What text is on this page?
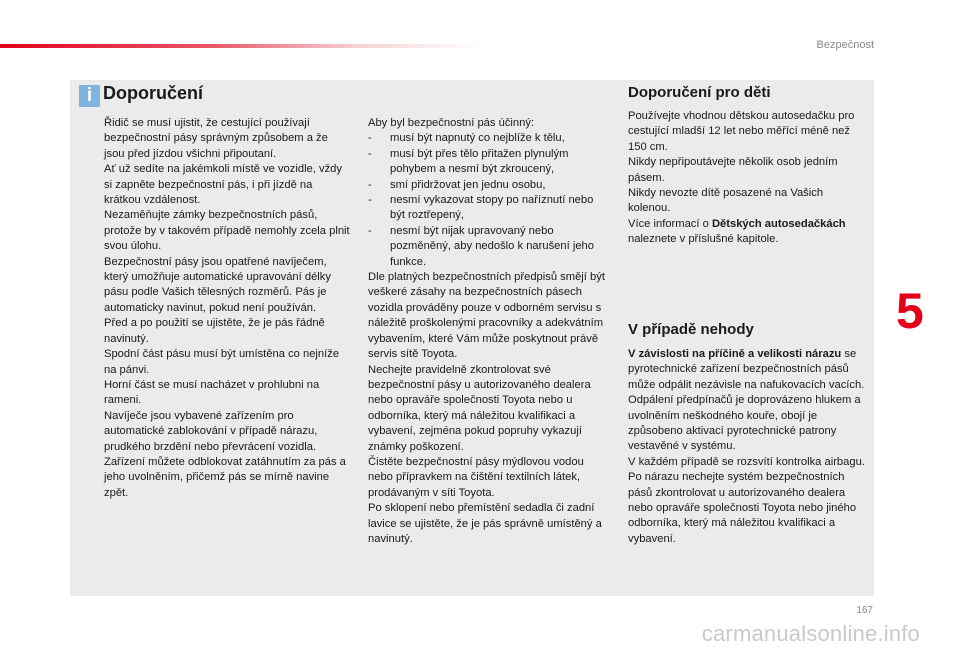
Bezpečnost
i Doporučení

Řidič se musí ujistit, že cestující používají bezpečnostní pásy správným způsobem a že jsou před jízdou všichni připoutaní.

Ať už sedíte na jakémkoli místě ve vozidle, vždy si zapněte bezpečnostní pás, i při jízdě na krátkou vzdálenost.

Nezaměňujte zámky bezpečnostních pásů, protože by v takovém případě nemohly zcela plnit svou úlohu.

Bezpečnostní pásy jsou opatřené navíječem, který umožňuje automatické upravování délky pásu podle Vašich tělesných rozměrů. Pás je automaticky navinut, pokud není používán.

Před a po použití se ujistěte, že je pás řádně navinutý.

Spodní část pásu musí být umístěna co nejníže na pánvi.

Horní část se musí nacházet v prohlubni na rameni.

Navíječe jsou vybavené zařízením pro automatické zablokování v případě nárazu, prudkého brzdění nebo převrácení vozidla. Zařízení můžete odblokovat zatáhnutím za pás a jeho uvolněním, přičemž pás se mírně navine zpět.

Aby byl bezpečnostní pás účinný:

- musí být napnutý co nejblíže k tělu,

- musí být přes tělo přitažen plynulým pohybem a nesmí být zkroucený,

- smí přidržovat jen jednu osobu,

- nesmí vykazovat stopy po naříznutí nebo být roztřepený,

- nesmí být nijak upravovaný nebo pozměněný, aby nedošlo k narušení jeho funkce.

Dle platných bezpečnostních předpisů smějí být veškeré zásahy na bezpečnostních pásech vozidla prováděny pouze v odborném servisu s náležitě proškolenými pracovníky a adekvátním vybavením, které Vám může poskytnout právě servis sítě Toyota.

Nechejte pravidelně zkontrolovat své bezpečnostní pásy u autorizovaného dealera nebo opraváře společnosti Toyota nebo u odborníka, který má náležitou kvalifikaci a vybavení, zejména pokud popruhy vykazují známky poškození.

Čistěte bezpečnostní pásy mýdlovou vodou nebo přípravkem na čištění textilních látek, prodávaným v síti Toyota.

Po sklopení nebo přemístění sedadla či zadní lavice se ujistěte, že je pás správně umístěný a navinutý.

Doporučení pro děti

Používejte vhodnou dětskou autosedačku pro cestující mladší 12 let nebo měřící méně než 150 cm.

Nikdy nepřipoutávejte několik osob jedním pásem.

Nikdy nevozte dítě posazené na Vašich kolenou.

Více informací o Dětských autosedačkách naleznete v příslušné kapitole.

V případě nehody

V závislosti na příčině a velikosti nárazu se pyrotechnické zařízení bezpečnostních pásů může odpálit nezávisle na nafukovacích vacích. Odpálení předpínačů je doprovázeno hlukem a uvolněním neškodného kouře, obojí je způsobeno aktivací pyrotechnické patrony vestavěné v systému.

V každém případě se rozsvítí kontrolka airbagu.

Po nárazu nechejte systém bezpečnostních pásů zkontrolovat u autorizovaného dealera nebo opraváře společnosti Toyota nebo jiného odborníka, který má náležitou kvalifikaci a vybavení.

5
167
carmanualsonline.info
